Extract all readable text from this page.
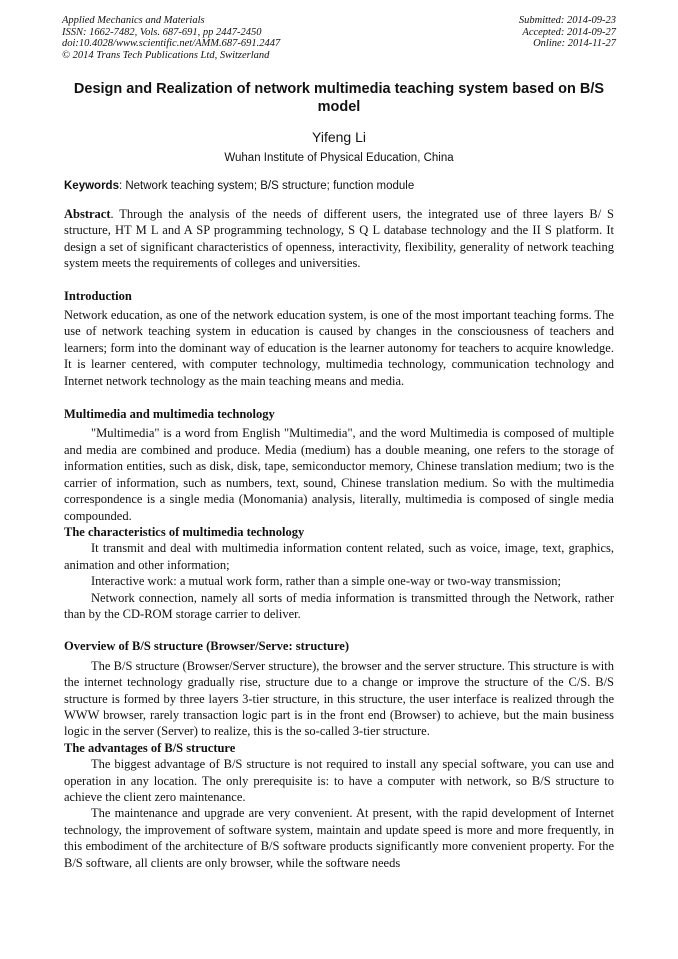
Applied Mechanics and Materials
ISSN: 1662-7482, Vols. 687-691, pp 2447-2450
doi:10.4028/www.scientific.net/AMM.687-691.2447
© 2014 Trans Tech Publications Ltd, Switzerland
Submitted: 2014-09-23
Accepted: 2014-09-27
Online: 2014-11-27
Design and Realization of network multimedia teaching system based on B/S model
Yifeng Li
Wuhan Institute of Physical Education, China
Keywords: Network teaching system; B/S structure; function module

Abstract. Through the analysis of the needs of different users, the integrated use of three layers B/ S structure, HT M L and A SP programming technology, S Q L database technology and the II S platform. It design a set of significant characteristics of openness, interactivity, flexibility, generality of network teaching system meets the requirements of colleges and universities.

Introduction

Network education, as one of the network education system, is one of the most important teaching forms. The use of network teaching system in education is caused by changes in the consciousness of teachers and learners; form into the dominant way of education is the learner autonomy for teachers to acquire knowledge. It is learner centered, with computer technology, multimedia technology, communication technology and Internet network technology as the main teaching means and media.

Multimedia and multimedia technology

"Multimedia" is a word from English "Multimedia", and the word Multimedia is composed of multiple and media are combined and produce. Media (medium) has a double meaning, one refers to the storage of information entities, such as disk, disk, tape, semiconductor memory, Chinese translation medium; two is the carrier of information, such as numbers, text, sound, Chinese translation medium. So with the multimedia correspondence is a single media (Monomania) analysis, literally, multimedia is composed of single media compounded.

The characteristics of multimedia technology

It transmit and deal with multimedia information content related, such as voice, image, text, graphics, animation and other information;

Interactive work: a mutual work form, rather than a simple one-way or two-way transmission;

Network connection, namely all sorts of media information is transmitted through the Network, rather than by the CD-ROM storage carrier to deliver.

Overview of B/S structure (Browser/Serve: structure)

The B/S structure (Browser/Server structure), the browser and the server structure. This structure is with the internet technology gradually rise, structure due to a change or improve the structure of the C/S. B/S structure is formed by three layers 3-tier structure, in this structure, the user interface is realized through the WWW browser, rarely transaction logic part is in the front end (Browser) to achieve, but the main business logic in the server (Server) to realize, this is the so-called 3-tier structure.

The advantages of B/S structure

The biggest advantage of B/S structure is not required to install any special software, you can use and operation in any location. The only prerequisite is: to have a computer with network, so B/S structure to achieve the client zero maintenance.

The maintenance and upgrade are very convenient. At present, with the rapid development of Internet technology, the improvement of software system, maintain and update speed is more and more frequently, in this embodiment of the architecture of B/S software products significantly more convenient property. For the B/S software, all clients are only browser, while the software needs
